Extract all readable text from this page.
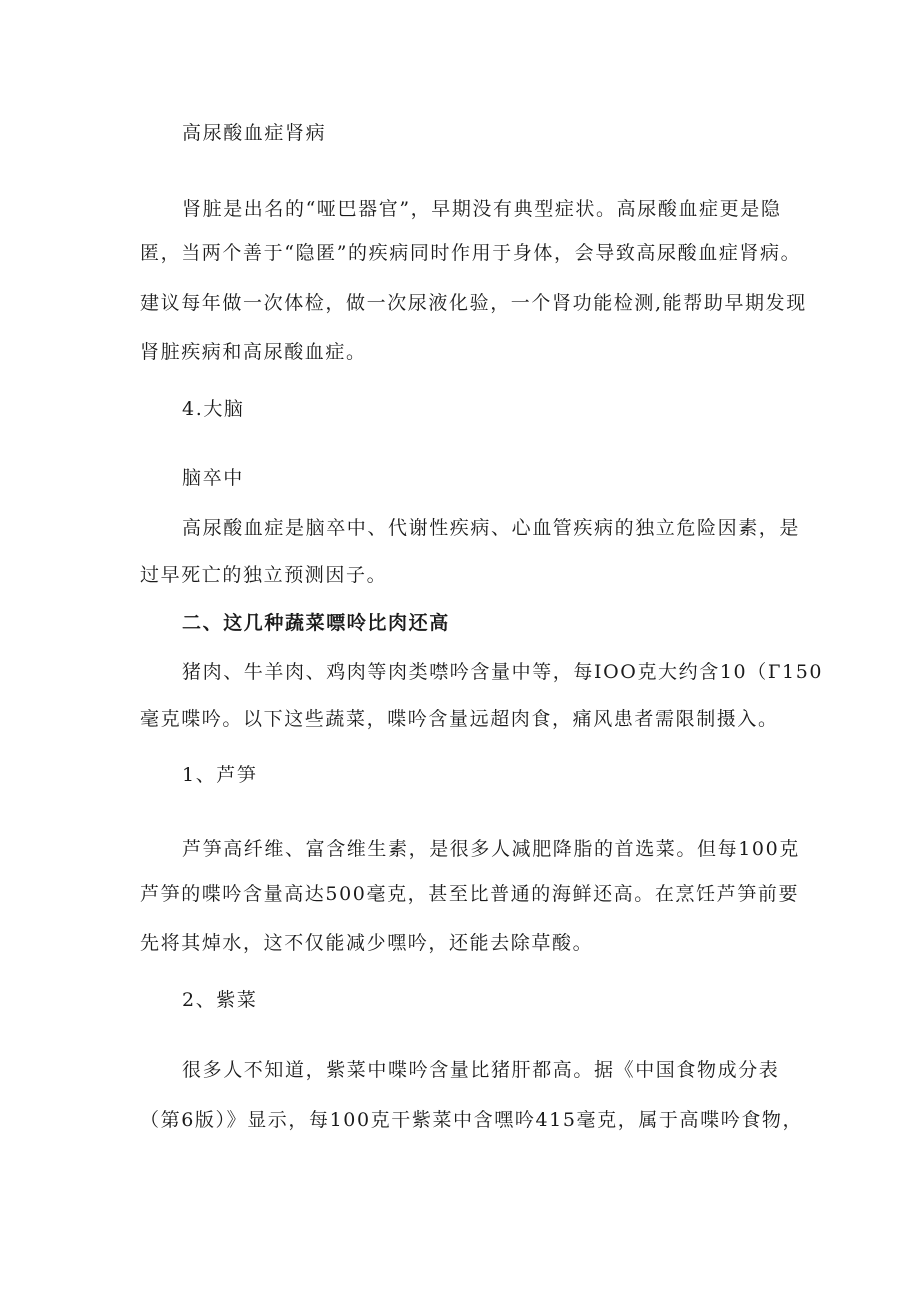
高尿酸血症肾病
肾脏是出名的“哑巴器官”，早期没有典型症状。高尿酸血症更是隐
匿，当两个善于“隐匿”的疾病同时作用于身体，会导致高尿酸血症肾病。
建议每年做一次体检，做一次尿液化验，一个肾功能检测,能帮助早期发现
肾脏疾病和高尿酸血症。
4.大脑
脑卒中
高尿酸血症是脑卒中、代谢性疾病、心血管疾病的独立危险因素，是
过早死亡的独立预测因子。
二、这几种蔬菜嘌呤比肉还高
猪肉、牛羊肉、鸡肉等肉类噤吟含量中等，每IOO克大约含10（Г150
毫克喋吟。以下这些蔬菜，喋吟含量远超肉食，痛风患者需限制摄入。
1、芦笋
芦笋高纤维、富含维生素，是很多人减肥降脂的首选菜。但每100克
芦笋的喋吟含量高达500毫克，甚至比普通的海鲜还高。在烹饪芦笋前要
先将其焯水，这不仅能减少嘿吟，还能去除草酸。
2、紫菜
很多人不知道，紫菜中喋吟含量比猪肝都高。据《中国食物成分表
（第6版）》显示，每100克干紫菜中含嘿吟415毫克，属于高喋吟食物，
